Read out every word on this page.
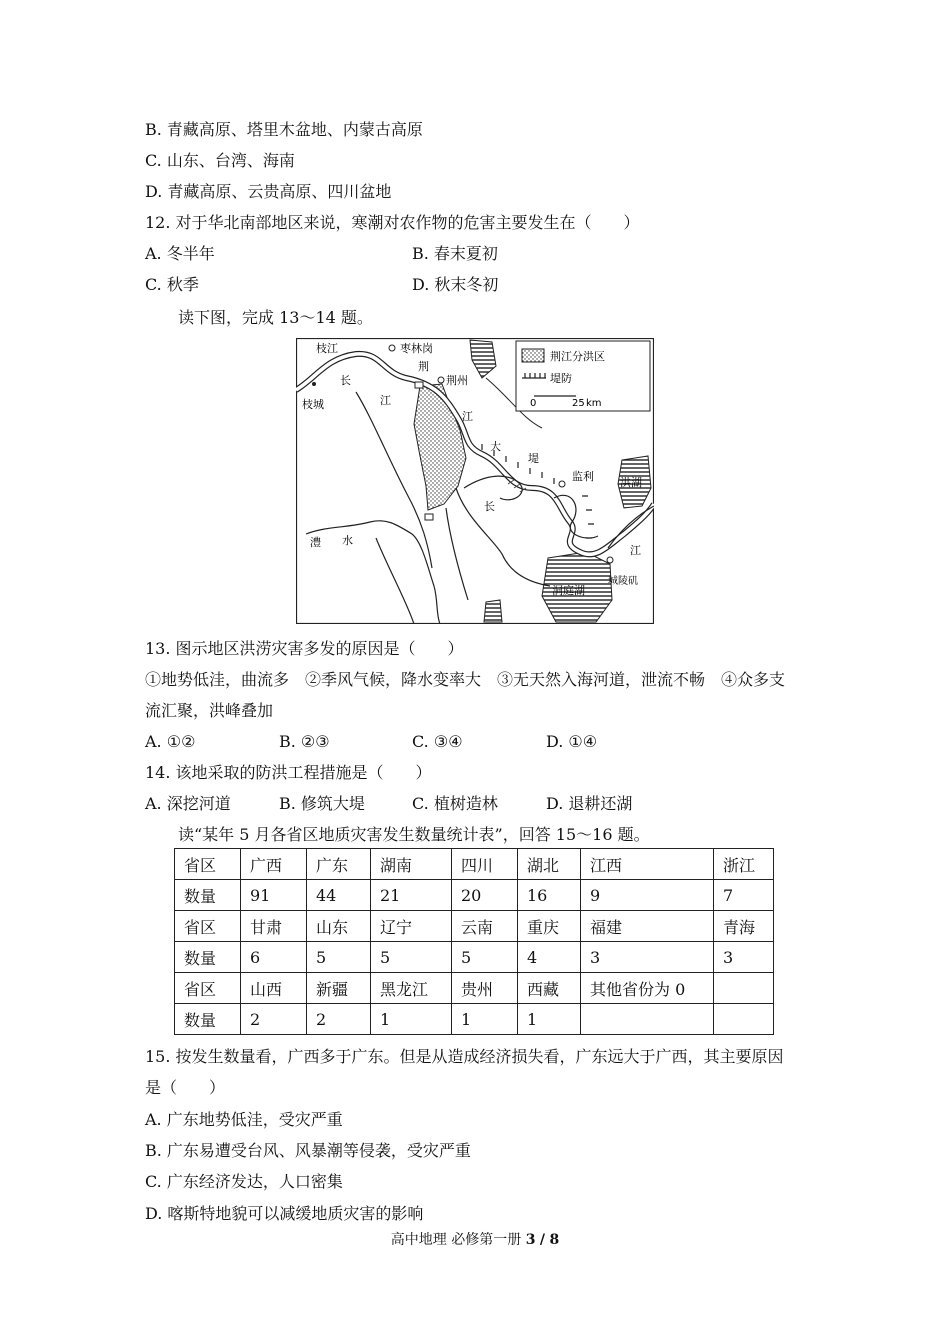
B. 青藏高原、塔里木盆地、内蒙古高原
C. 山东、台湾、海南
D. 青藏高原、云贵高原、四川盆地
12. 对于华北南部地区来说，寒潮对农作物的危害主要发生在（　　）
A. 冬半年	B. 春末夏初
C. 秋季	D. 秋末冬初
读下图，完成 13～14 题。
荆江分洪区
堤防
0	25 km
枝江	枣林岗
枝城
荆州
监利 洪湖
澧 水
城陵矶
洞庭湖
荆
长
江
江
大
堤
长
江
13. 图示地区洪涝灾害多发的原因是（　　）
①地势低洼，曲流多　②季风气候，降水变率大　③无天然入海河道，泄流不畅　④众多支
流汇聚，洪峰叠加
A. ①②	B. ②③	C. ③④	D. ①④
14. 该地采取的防洪工程措施是（　　）
A. 深挖河道	B. 修筑大堤	C. 植树造林	D. 退耕还湖
读“某年 5 月各省区地质灾害发生数量统计表”，回答 15～16 题。
省区	广西	广东	湖南	四川	湖北	江西	浙江
数量	91	44	21	20	16	9	7
省区	甘肃	山东	辽宁	云南	重庆	福建	青海
数量	6	5	5	5	4	3	3
省区	山西	新疆	黑龙江	贵州	西藏	其他省份为 0	
数量	2	2	1	1	1		
15. 按发生数量看，广西多于广东。但是从造成经济损失看，广东远大于广西，其主要原因
是（　　）
A. 广东地势低洼，受灾严重
B. 广东易遭受台风、风暴潮等侵袭，受灾严重
C. 广东经济发达，人口密集
D. 喀斯特地貌可以减缓地质灾害的影响
高中地理 必修第一册 3 / 8
